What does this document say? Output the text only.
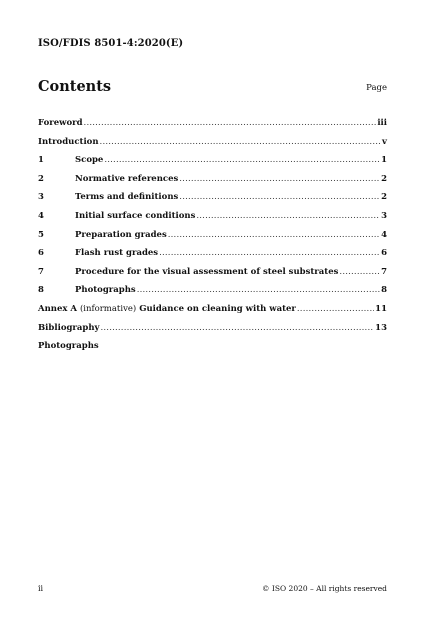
ISO/FDIS 8501-4:2020(E)
Contents	Page
Foreword .....	iii
Introduction .....	v
1	Scope .....	1
2	Normative references .....	2
3	Terms and definitions .....	2
4	Initial surface conditions .....	3
5	Preparation grades .....	4
6	Flash rust grades .....	6
7	Procedure for the visual assessment of steel substrates .....	7
8	Photographs .....	8
Annex A (informative) Guidance on cleaning with water .....	11
Bibliography .....	13
Photographs
ii	© ISO 2020 – All rights reserved
